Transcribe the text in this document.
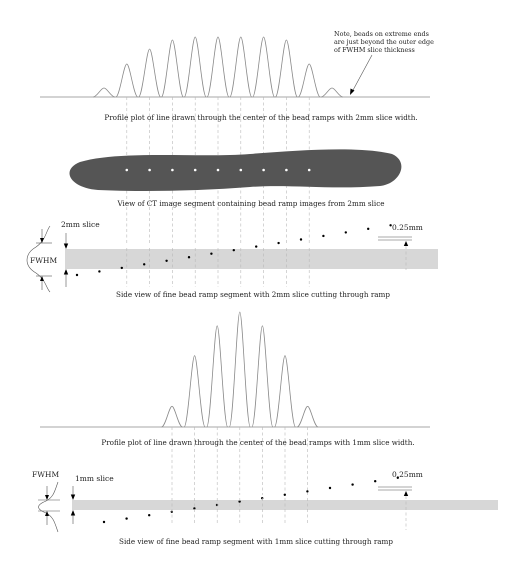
Note, beads on extreme ends
are just beyond the outer edge
of FWHM slice thickness
Profile plot of line drawn through the center of the bead ramps with 2mm slice width.
View of CT image segment containing bead ramp images from 2mm slice
2mm slice
FWHM
0.25mm
Side view of fine bead ramp segment with 2mm slice cutting through ramp
Profile plot of line drawn through the center of the bead ramps with 1mm slice width.
1mm slice
FWHM	0.25mm
Side view of fine bead ramp segment with 1mm slice cutting through ramp
